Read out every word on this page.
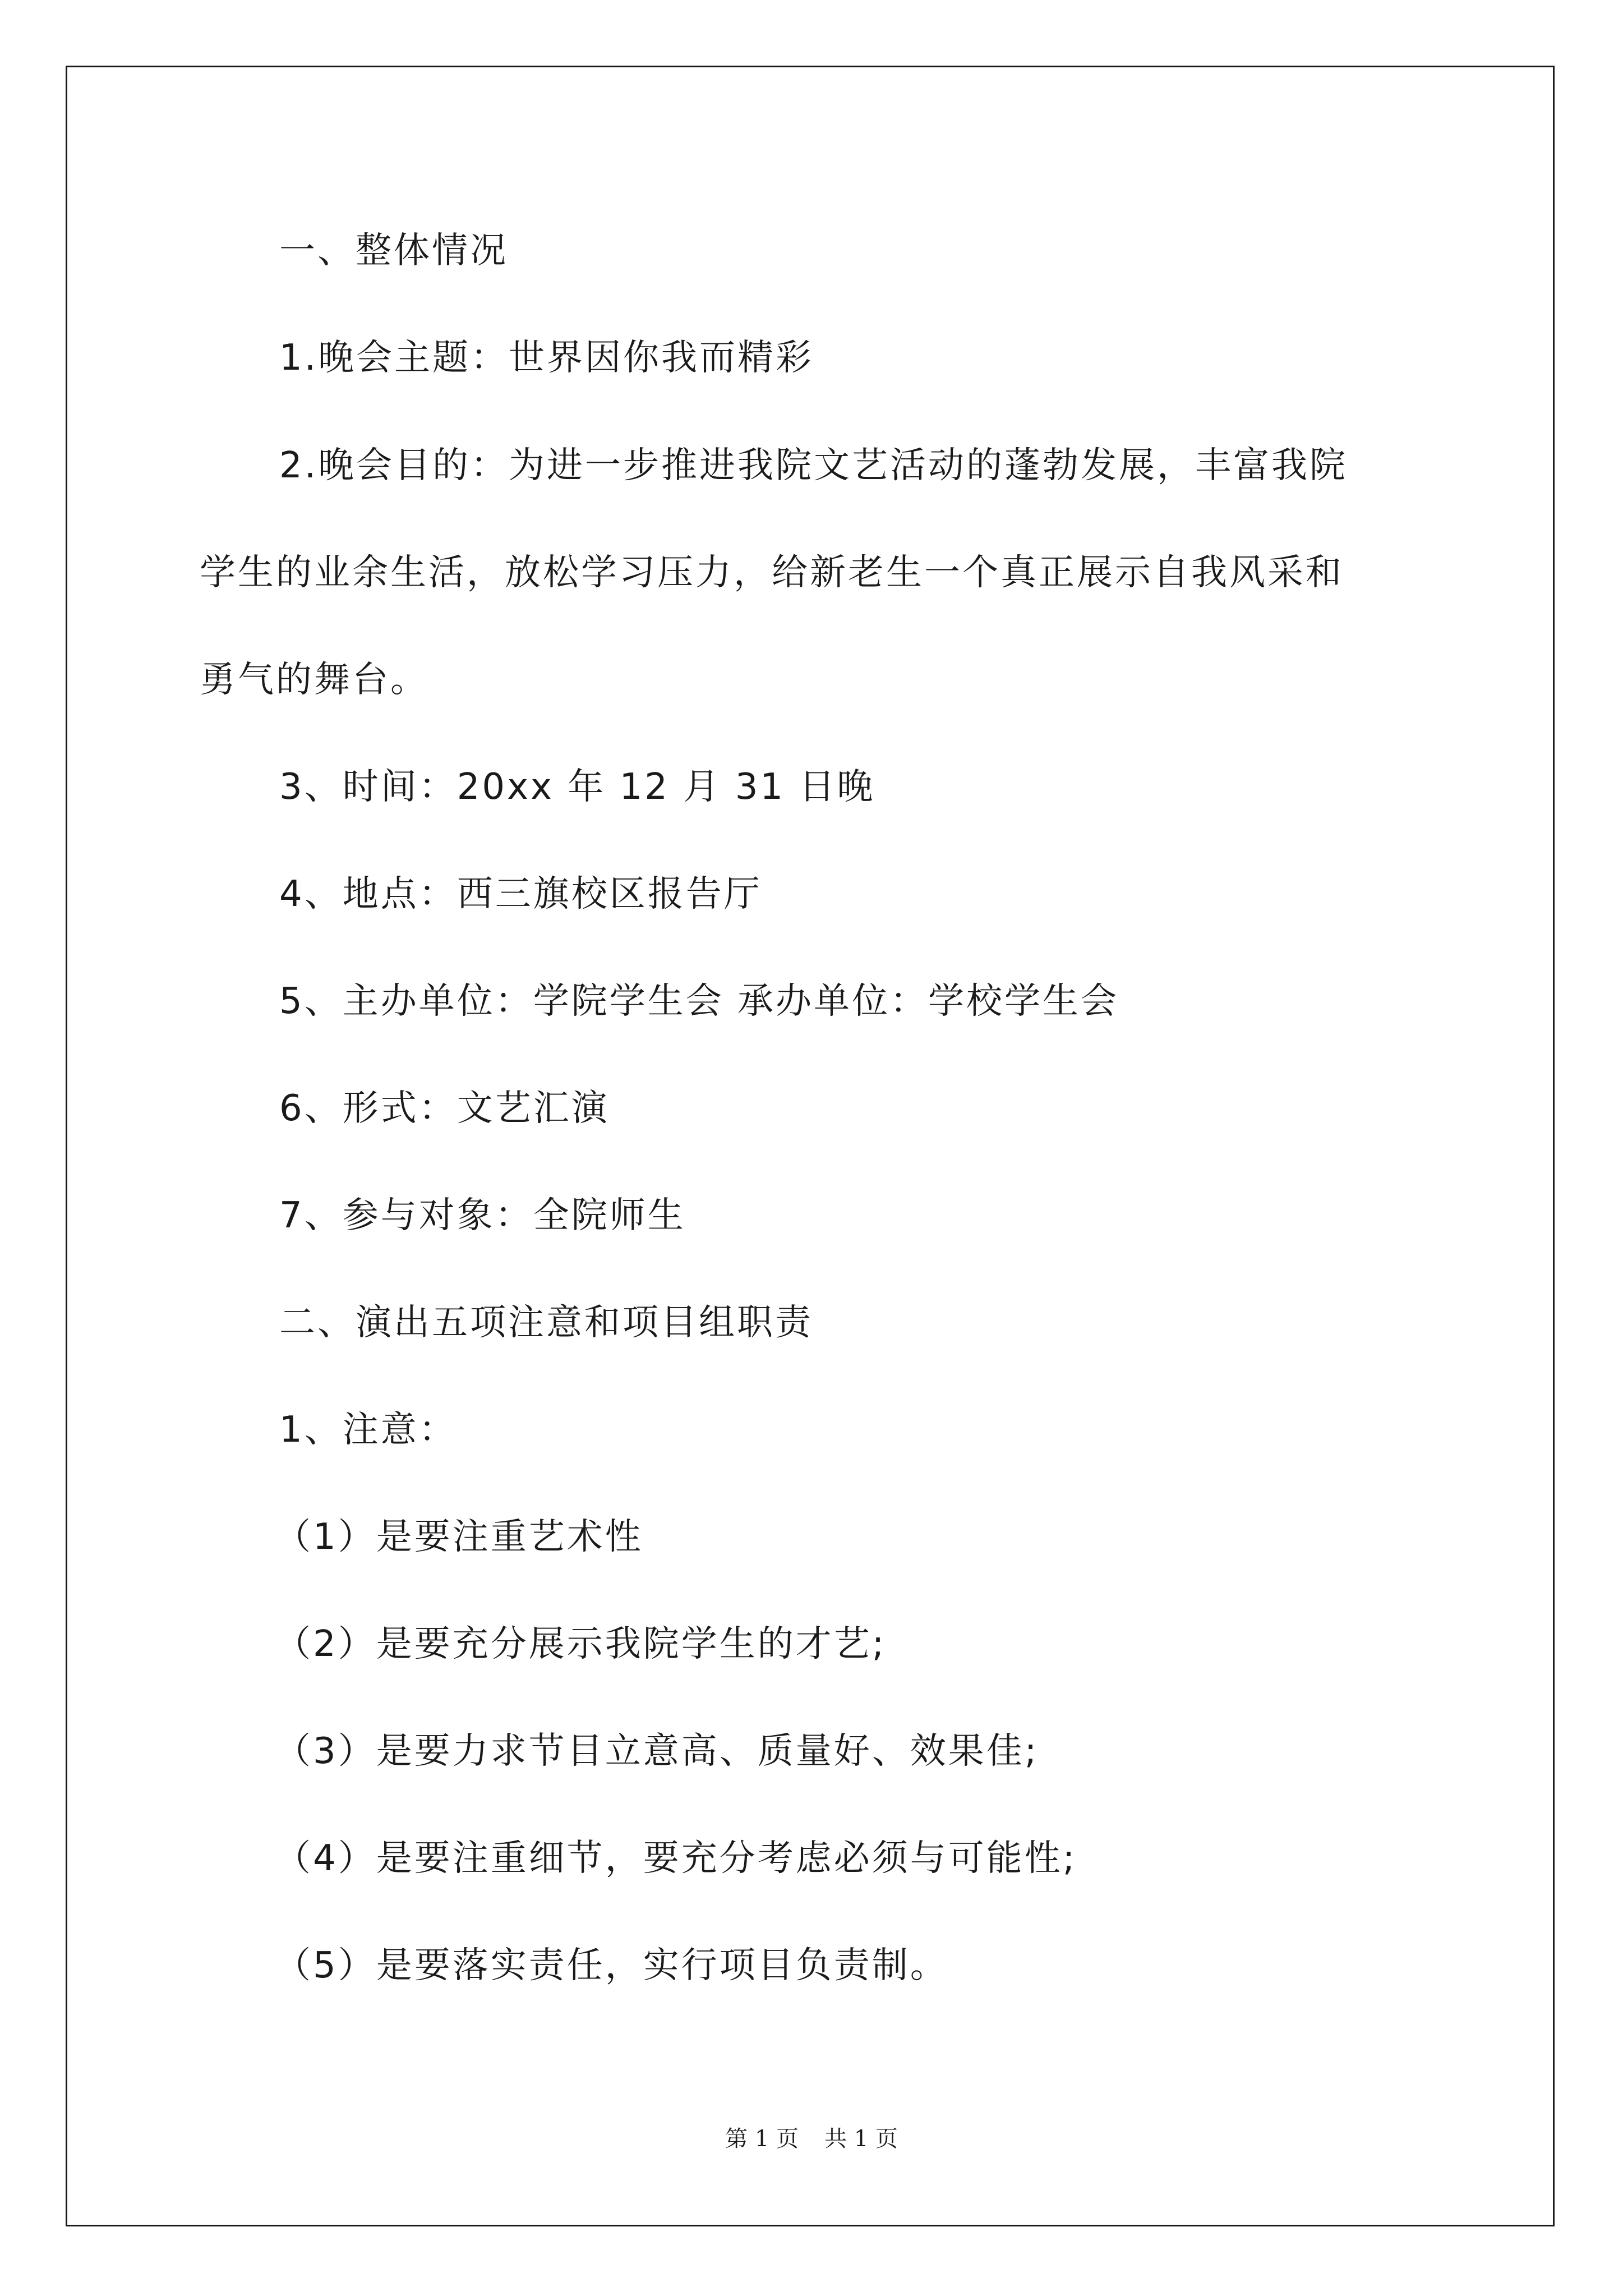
一、整体情况
1.晚会主题：世界因你我而精彩
2.晚会目的：为进一步推进我院文艺活动的蓬勃发展，丰富我院
学生的业余生活，放松学习压力，给新老生一个真正展示自我风采和
勇气的舞台。
3、时间：20xx 年 12 月 31 日晚
4、地点：西三旗校区报告厅
5、主办单位：学院学生会 承办单位：学校学生会
6、形式：文艺汇演
7、参与对象：全院师生
二、演出五项注意和项目组职责
1、注意：
（1）是要注重艺术性
（2）是要充分展示我院学生的才艺;
（3）是要力求节目立意高、质量好、效果佳;
（4）是要注重细节，要充分考虑必须与可能性;
（5）是要落实责任，实行项目负责制。
第 1 页 共 1 页
